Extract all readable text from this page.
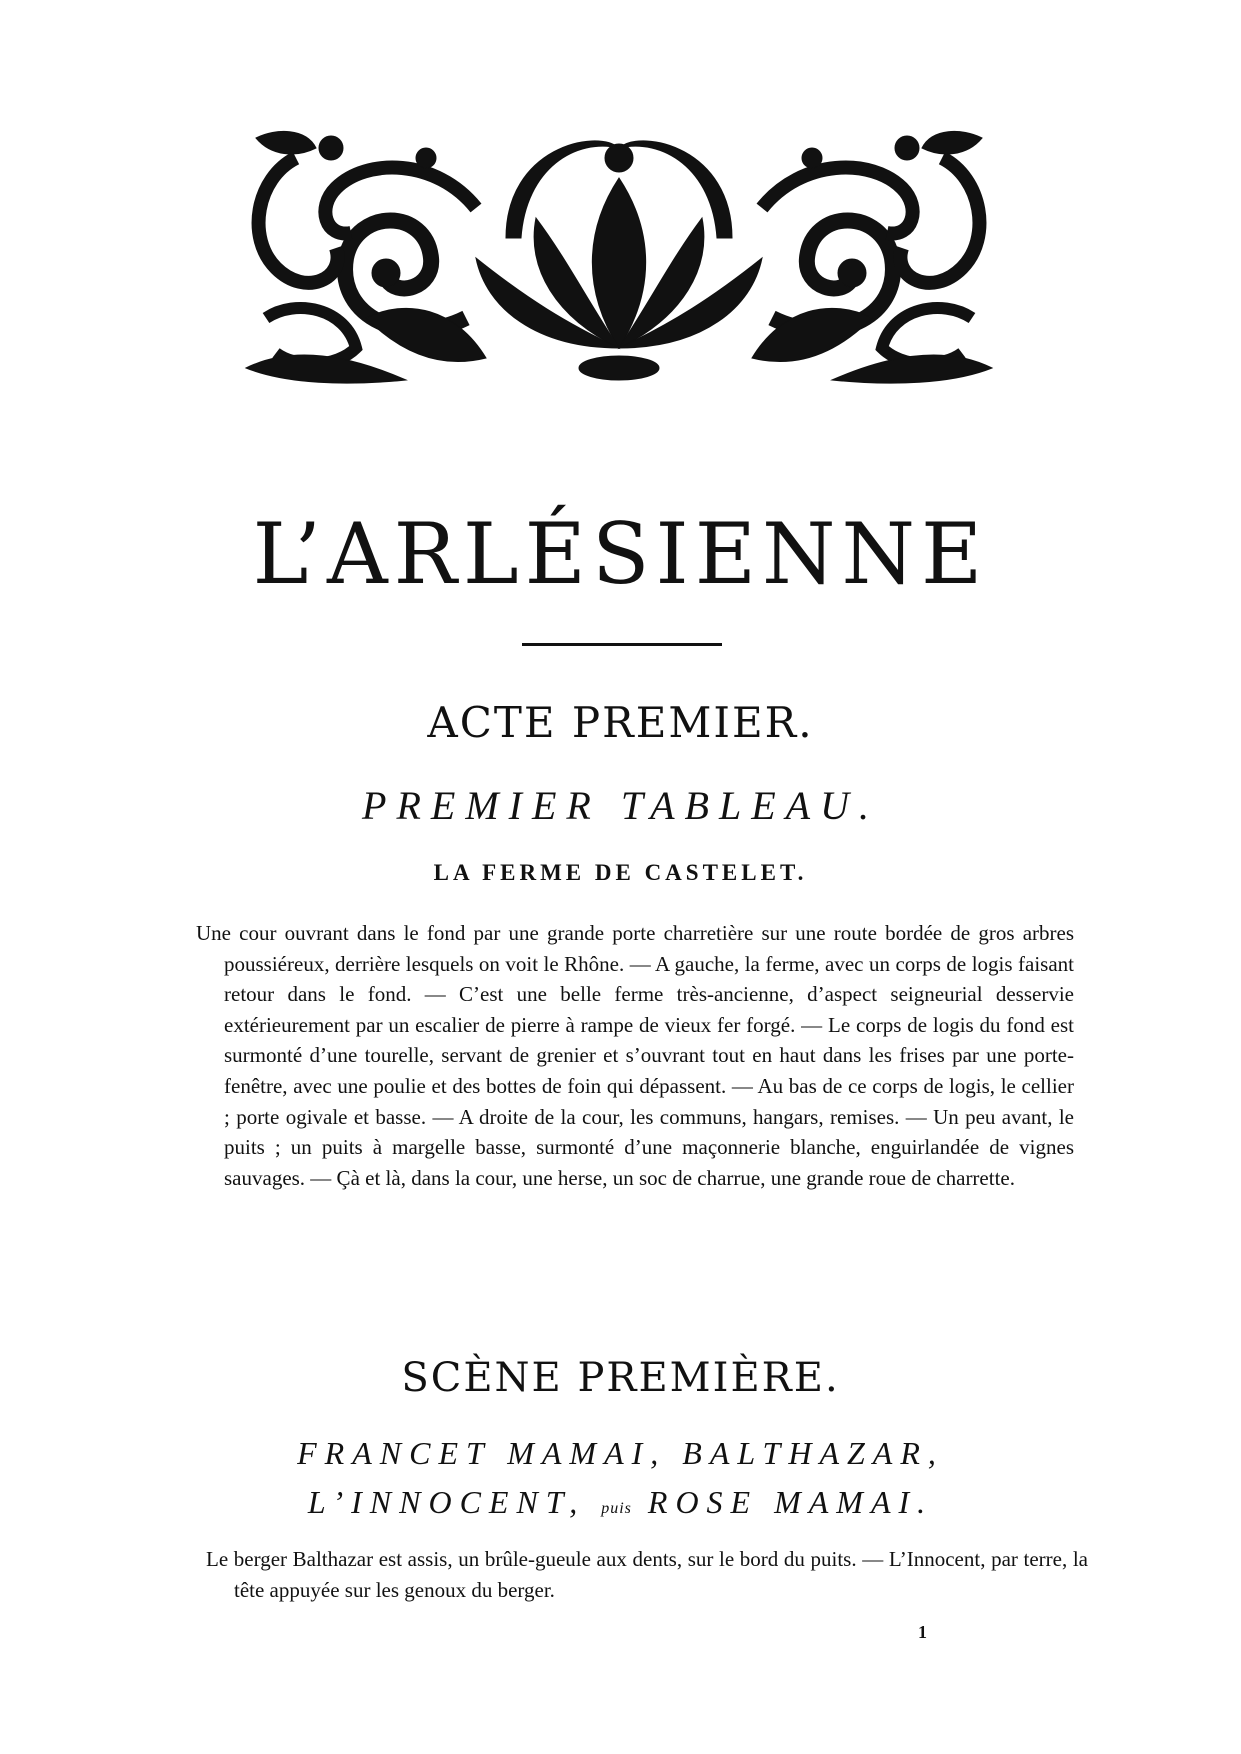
L’ARLÉSIENNE
ACTE PREMIER.
PREMIER TABLEAU.
LA FERME DE CASTELET.

Une cour ouvrant dans le fond par une grande porte charretière sur une route bordée de gros arbres poussiéreux, derrière lesquels on voit le Rhône. — A gauche, la ferme, avec un corps de logis faisant retour dans le fond. — C’est une belle ferme très-ancienne, d’aspect seigneurial desservie extérieurement par un escalier de pierre à rampe de vieux fer forgé. — Le corps de logis du fond est surmonté d’une tourelle, servant de grenier et s’ouvrant tout en haut dans les frises par une porte-fenêtre, avec une poulie et des bottes de foin qui dépassent. — Au bas de ce corps de logis, le cellier ; porte ogivale et basse. — A droite de la cour, les communs, hangars, remises. — Un peu avant, le puits ; un puits à margelle basse, surmonté d’une maçonnerie blanche, enguirlandée de vignes sauvages. — Çà et là, dans la cour, une herse, un soc de charrue, une grande roue de charrette.

SCÈNE PREMIÈRE.
FRANCET MAMAI, BALTHAZAR,
L’INNOCENT, puis ROSE MAMAI.

Le berger Balthazar est assis, un brûle-gueule aux dents, sur le bord du puits. — L’Innocent, par terre, la tête appuyée sur les genoux du berger.

1
